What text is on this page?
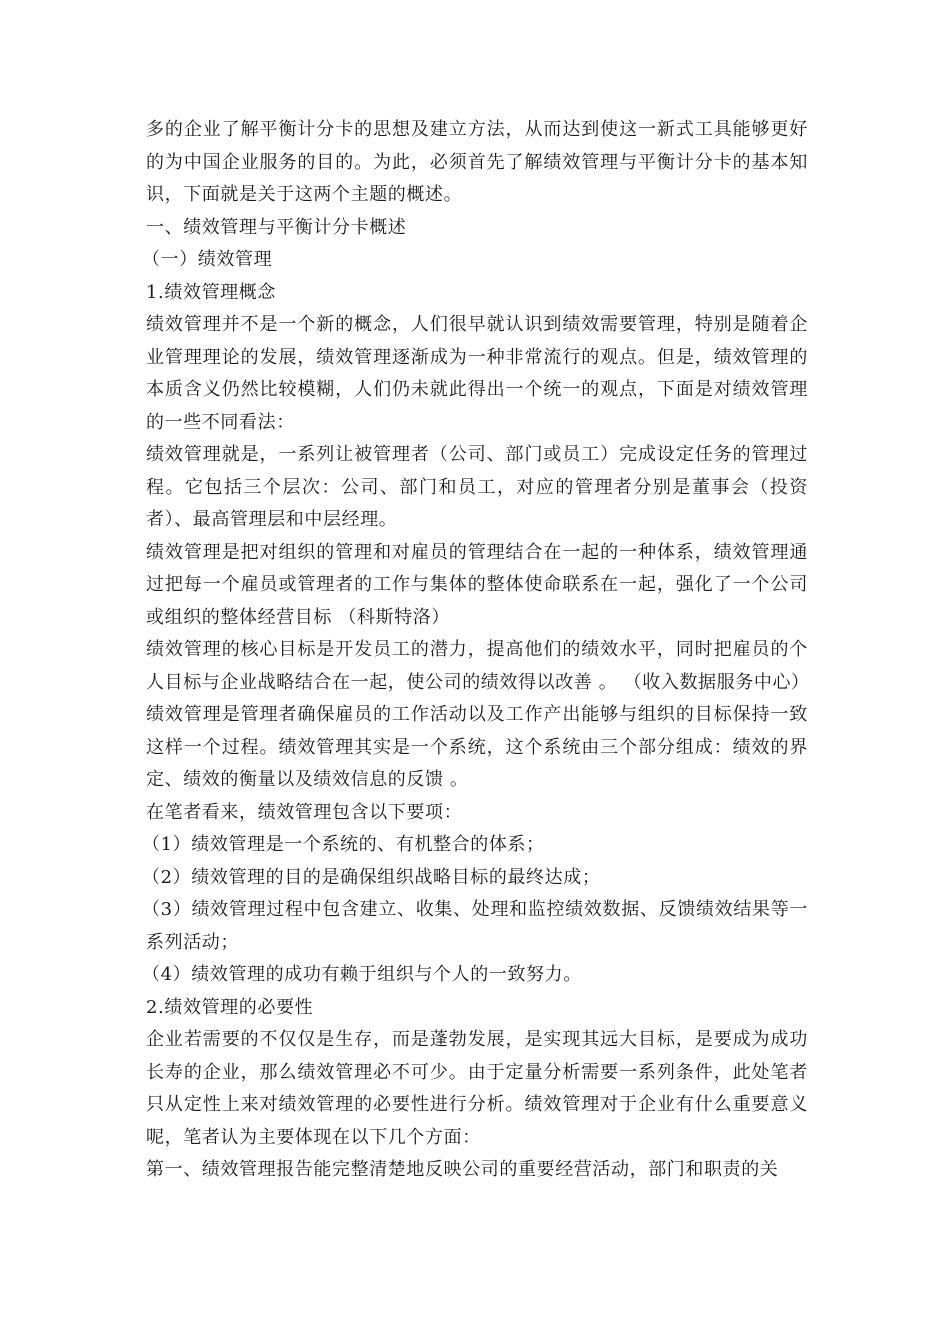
多的企业了解平衡计分卡的思想及建立方法，从而达到使这一新式工具能够更好的为中国企业服务的目的。为此，必须首先了解绩效管理与平衡计分卡的基本知识，下面就是关于这两个主题的概述。

一、绩效管理与平衡计分卡概述

（一）绩效管理

1.绩效管理概念

绩效管理并不是一个新的概念，人们很早就认识到绩效需要管理，特别是随着企业管理理论的发展，绩效管理逐渐成为一种非常流行的观点。但是，绩效管理的本质含义仍然比较模糊，人们仍未就此得出一个统一的观点，下面是对绩效管理的一些不同看法：

绩效管理就是，一系列让被管理者（公司、部门或员工）完成设定任务的管理过程。它包括三个层次：公司、部门和员工，对应的管理者分别是董事会（投资者）、最高管理层和中层经理。

绩效管理是把对组织的管理和对雇员的管理结合在一起的一种体系，绩效管理通过把每一个雇员或管理者的工作与集体的整体使命联系在一起，强化了一个公司或组织的整体经营目标 （科斯特洛）

绩效管理的核心目标是开发员工的潜力，提高他们的绩效水平，同时把雇员的个人目标与企业战略结合在一起，使公司的绩效得以改善 。 （收入数据服务中心）

绩效管理是管理者确保雇员的工作活动以及工作产出能够与组织的目标保持一致这样一个过程。绩效管理其实是一个系统，这个系统由三个部分组成：绩效的界定、绩效的衡量以及绩效信息的反馈 。

在笔者看来，绩效管理包含以下要项：

（1）绩效管理是一个系统的、有机整合的体系；

（2）绩效管理的目的是确保组织战略目标的最终达成；

（3）绩效管理过程中包含建立、收集、处理和监控绩效数据、反馈绩效结果等一系列活动；

（4）绩效管理的成功有赖于组织与个人的一致努力。

2.绩效管理的必要性

企业若需要的不仅仅是生存，而是蓬勃发展，是实现其远大目标，是要成为成功长寿的企业，那么绩效管理必不可少。由于定量分析需要一系列条件，此处笔者只从定性上来对绩效管理的必要性进行分析。绩效管理对于企业有什么重要意义呢，笔者认为主要体现在以下几个方面：

第一、绩效管理报告能完整清楚地反映公司的重要经营活动，部门和职责的关
